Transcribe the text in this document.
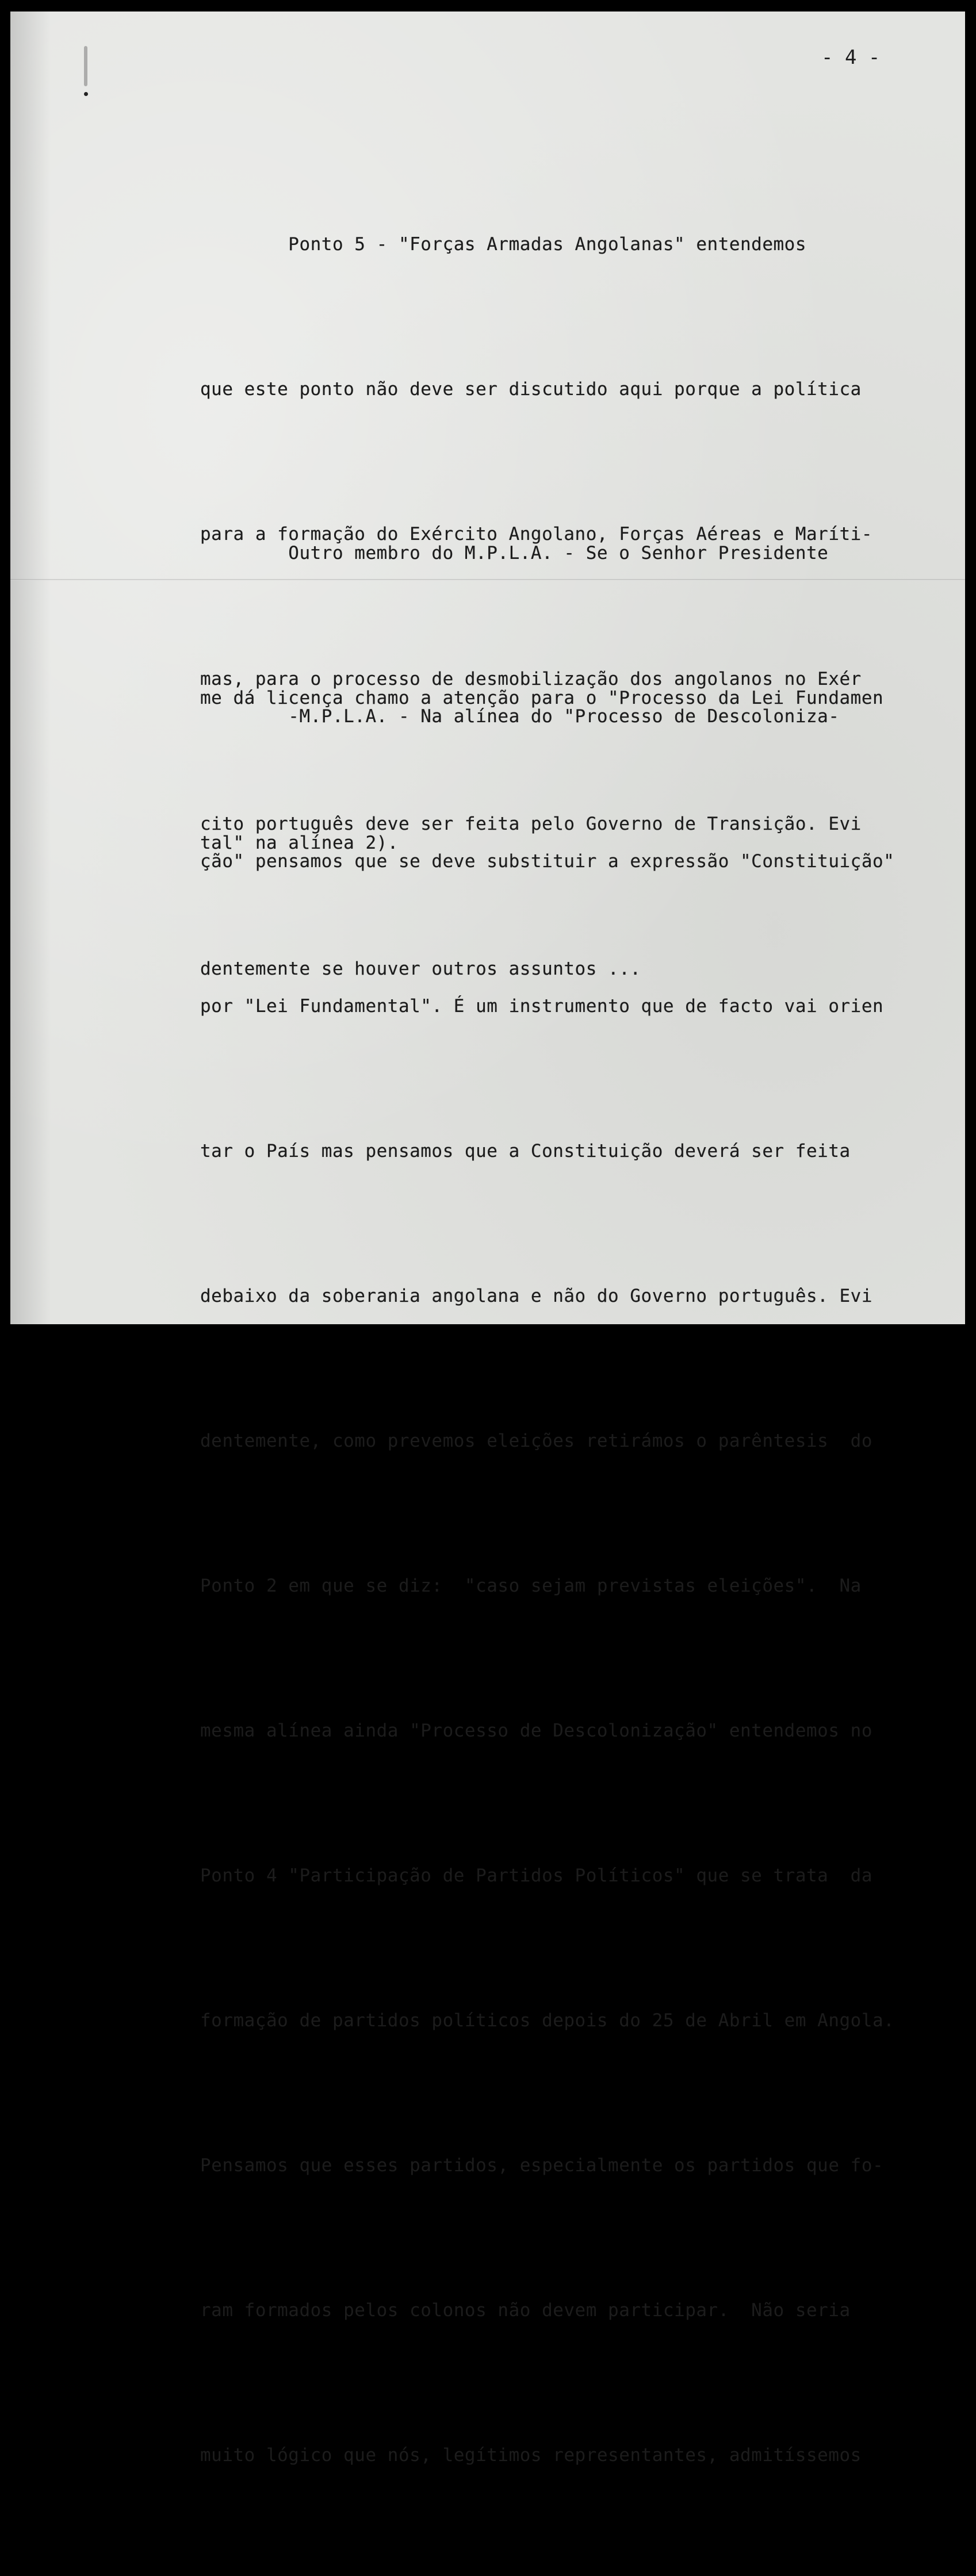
- 4 -

Ponto 5 - "Forças Armadas Angolanas" entendemos

que este ponto não deve ser discutido aqui porque a política

para a formação do Exército Angolano, Forças Aéreas e Maríti-

mas, para o processo de desmobilização dos angolanos no Exér

cito português deve ser feita pelo Governo de Transição. Evi

dentemente se houver outros assuntos ...

Outro membro do M.P.L.A. - Se o Senhor Presidente

me dá licença chamo a atenção para o "Processo da Lei Fundamen

tal" na alínea 2).

-M.P.L.A. - Na alínea do "Processo de Descoloniza-

ção" pensamos que se deve substituir a expressão "Constituição"

por "Lei Fundamental". É um instrumento que de facto vai orien

tar o País mas pensamos que a Constituição deverá ser feita

debaixo da soberania angolana e não do Governo português. Evi

dentemente, como prevemos eleições retirámos o parêntesis  do

Ponto 2 em que se diz:  "caso sejam previstas eleições".  Na

mesma alínea ainda "Processo de Descolonização" entendemos no

Ponto 4 "Participação de Partidos Políticos" que se trata  da

formação de partidos políticos depois do 25 de Abril em Angola.

Pensamos que esses partidos, especialmente os partidos que fo-

ram formados pelos colonos não devem participar.  Não seria

muito lógico que nós, legítimos representantes, admitíssemos
